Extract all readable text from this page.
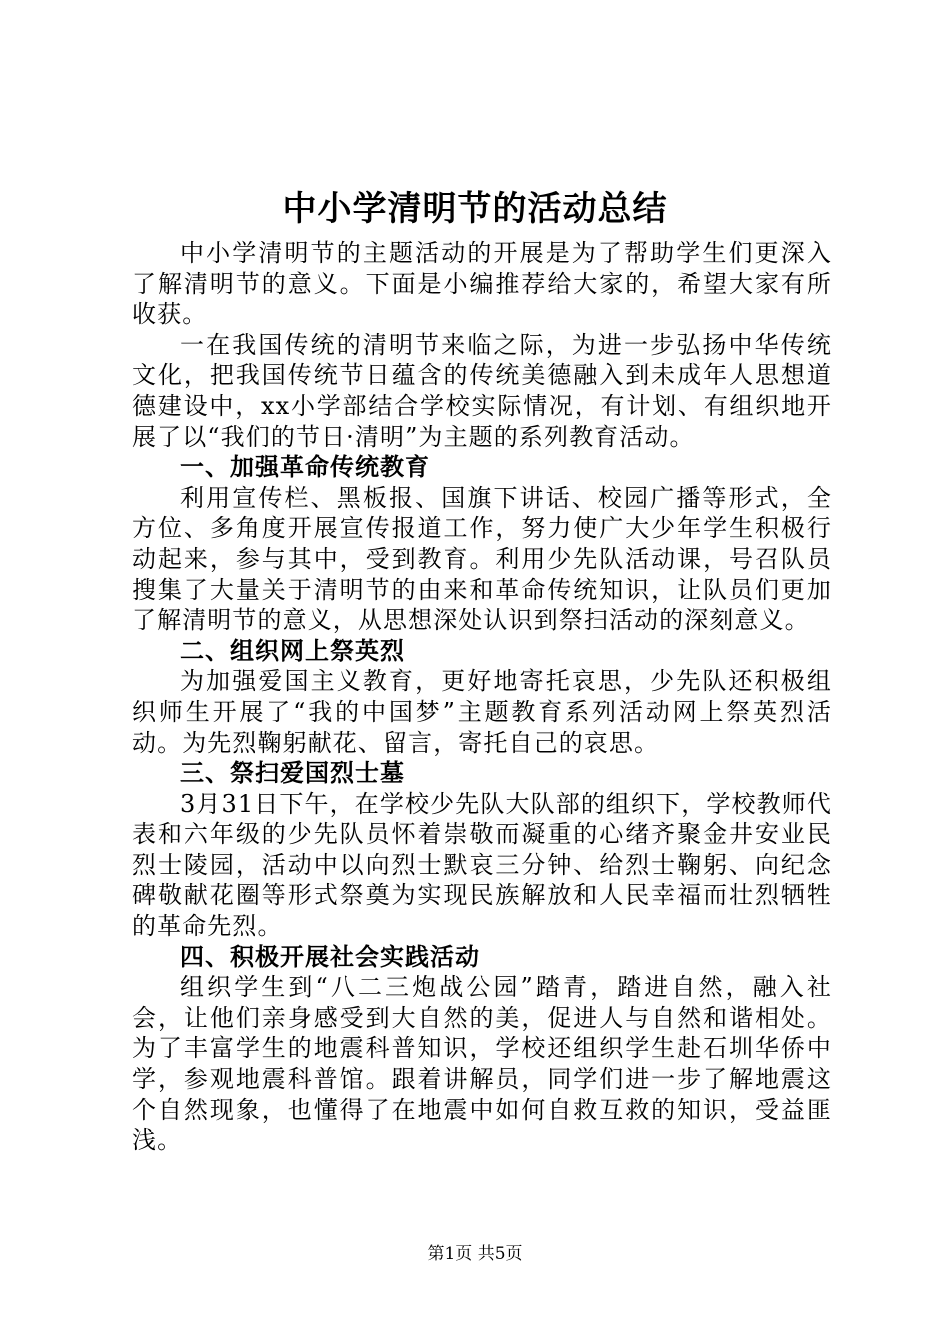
中小学清明节的活动总结

中小学清明节的主题活动的开展是为了帮助学生们更深入了解清明节的意义。下面是小编推荐给大家的，希望大家有所收获。

一在我国传统的清明节来临之际，为进一步弘扬中华传统文化，把我国传统节日蕴含的传统美德融入到未成年人思想道德建设中，xx小学部结合学校实际情况，有计划、有组织地开展了以“我们的节日·清明”为主题的系列教育活动。

一、加强革命传统教育

利用宣传栏、黑板报、国旗下讲话、校园广播等形式，全方位、多角度开展宣传报道工作，努力使广大少年学生积极行动起来，参与其中，受到教育。利用少先队活动课，号召队员搜集了大量关于清明节的由来和革命传统知识，让队员们更加了解清明节的意义，从思想深处认识到祭扫活动的深刻意义。

二、组织网上祭英烈

为加强爱国主义教育，更好地寄托哀思，少先队还积极组织师生开展了“我的中国梦”主题教育系列活动网上祭英烈活动。为先烈鞠躬献花、留言，寄托自己的哀思。

三、祭扫爱国烈士墓

3月31日下午，在学校少先队大队部的组织下，学校教师代表和六年级的少先队员怀着崇敬而凝重的心绪齐聚金井安业民烈士陵园，活动中以向烈士默哀三分钟、给烈士鞠躬、向纪念碑敬献花圈等形式祭奠为实现民族解放和人民幸福而壮烈牺牲的革命先烈。

四、积极开展社会实践活动

组织学生到“八二三炮战公园”踏青，踏进自然，融入社会，让他们亲身感受到大自然的美，促进人与自然和谐相处。为了丰富学生的地震科普知识，学校还组织学生赴石圳华侨中学，参观地震科普馆。跟着讲解员，同学们进一步了解地震这个自然现象，也懂得了在地震中如何自救互救的知识，受益匪浅。

第1页 共5页
